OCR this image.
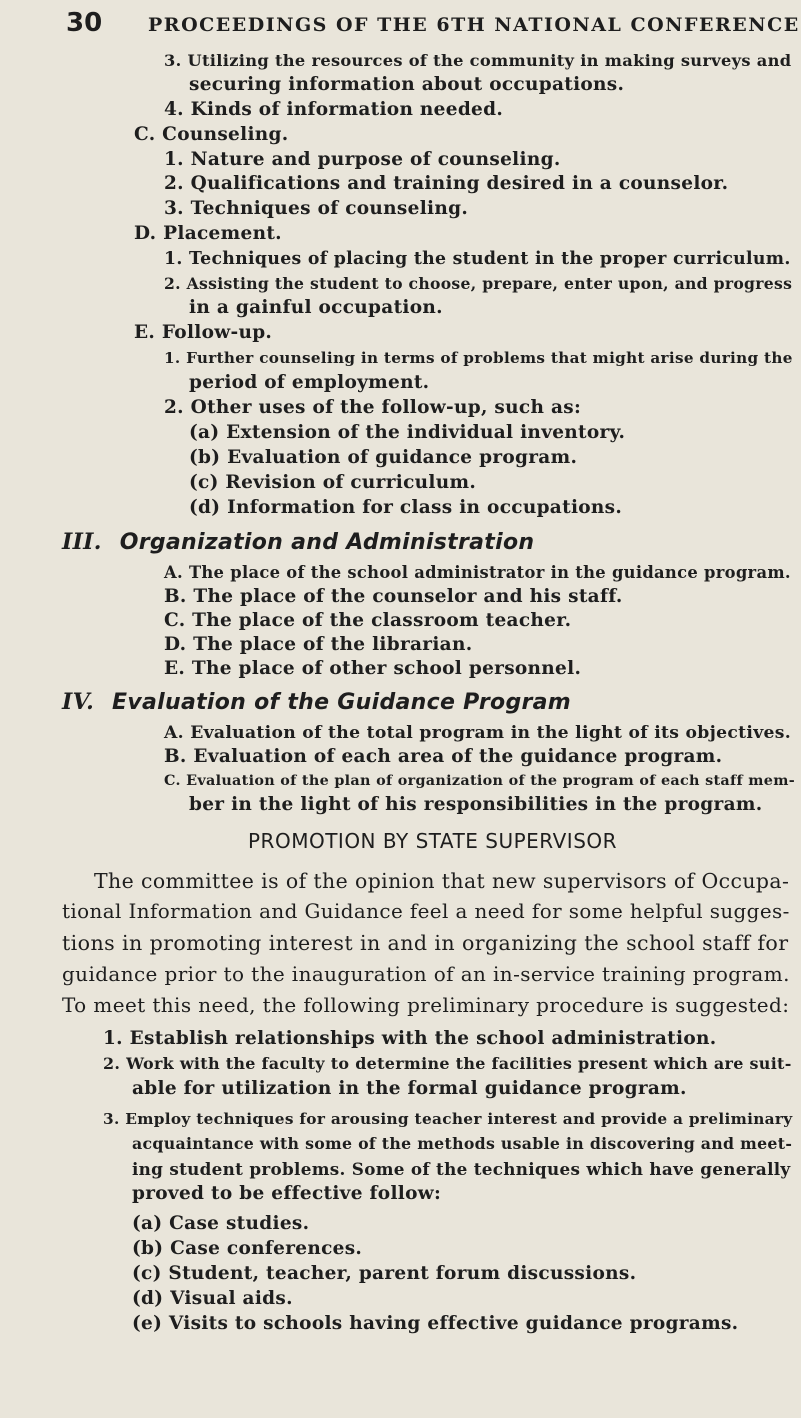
30 PROCEEDINGS OF THE 6TH NATIONAL CONFERENCE
3. Utilizing the resources of the community in making surveys and
securing information about occupations.
4. Kinds of information needed.
C. Counseling.
1. Nature and purpose of counseling.
2. Qualifications and training desired in a counselor.
3. Techniques of counseling.
D. Placement.
1. Techniques of placing the student in the proper curriculum.
2. Assisting the student to choose, prepare, enter upon, and progress
in a gainful occupation.
E. Follow-up.
1. Further counseling in terms of problems that might arise during the
period of employment.
2. Other uses of the follow-up, such as:
(a) Extension of the individual inventory.
(b) Evaluation of guidance program.
(c) Revision of curriculum.
(d) Information for class in occupations.
III. Organization and Administration
A. The place of the school administrator in the guidance program.
B. The place of the counselor and his staff.
C. The place of the classroom teacher.
D. The place of the librarian.
E. The place of other school personnel.
IV. Evaluation of the Guidance Program
A. Evaluation of the total program in the light of its objectives.
B. Evaluation of each area of the guidance program.
C. Evaluation of the plan of organization of the program of each staff mem-
ber in the light of his responsibilities in the program.
PROMOTION BY STATE SUPERVISOR
The committee is of the opinion that new supervisors of Occupa-
tional Information and Guidance feel a need for some helpful sugges-
tions in promoting interest in and in organizing the school staff for
guidance prior to the inauguration of an in-service training program.
To meet this need, the following preliminary procedure is suggested:
1. Establish relationships with the school administration.
2. Work with the faculty to determine the facilities present which are suit-
able for utilization in the formal guidance program.
3. Employ techniques for arousing teacher interest and provide a preliminary
acquaintance with some of the methods usable in discovering and meet-
ing student problems. Some of the techniques which have generally
proved to be effective follow:
(a) Case studies.
(b) Case conferences.
(c) Student, teacher, parent forum discussions.
(d) Visual aids.
(e) Visits to schools having effective guidance programs.
